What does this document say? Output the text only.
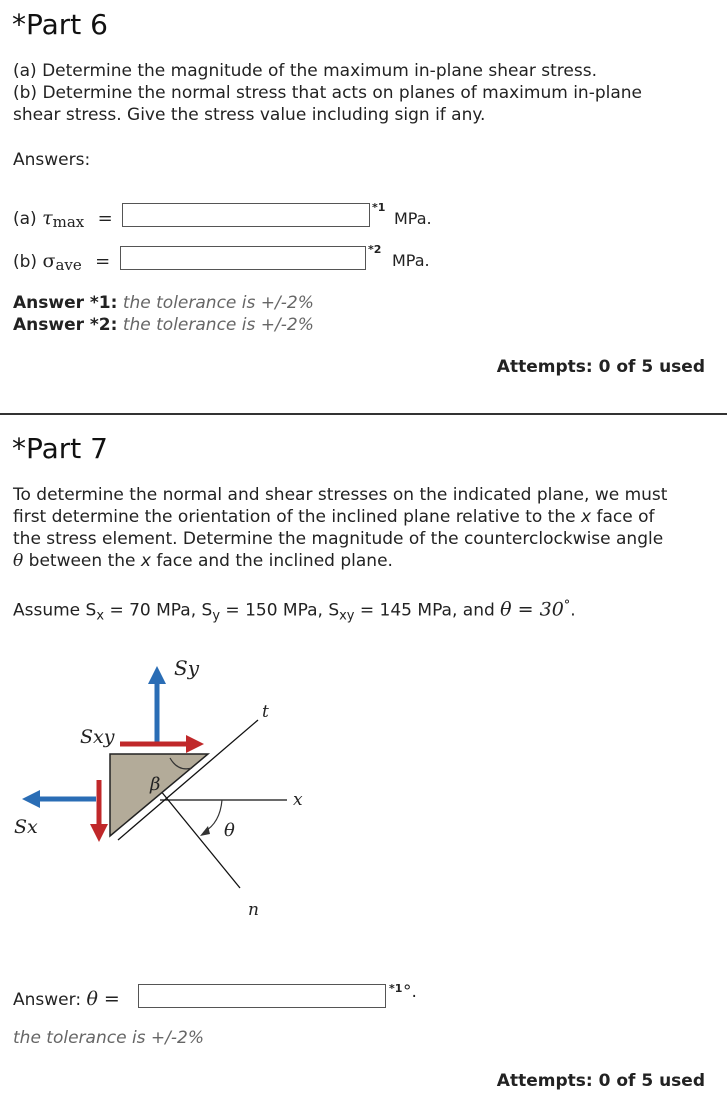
*Part 6
(a) Determine the magnitude of the maximum in-plane shear stress.
(b) Determine the normal stress that acts on planes of maximum in-plane
shear stress. Give the stress value including sign if any.
Answers:
(a) τmax =
*1
MPa.
(b) σave =
*2
MPa.
Answer *1: the tolerance is +/-2%
Answer *2: the tolerance is +/-2%
Attempts: 0 of 5 used
*Part 7
To determine the normal and shear stresses on the indicated plane, we must
first determine the orientation of the inclined plane relative to the x face of
the stress element. Determine the magnitude of the counterclockwise angle
θ between the x face and the inclined plane.
Assume $S_x = 70$ MPa, $S_y = 150$ MPa, $S_{xy} = 145$ MPa, and θ = 30°.
Sy
Sxy
Sx
β
θ
t
x
n
Answer: θ =	*1 °.
the tolerance is +/-2%
Attempts: 0 of 5 used
